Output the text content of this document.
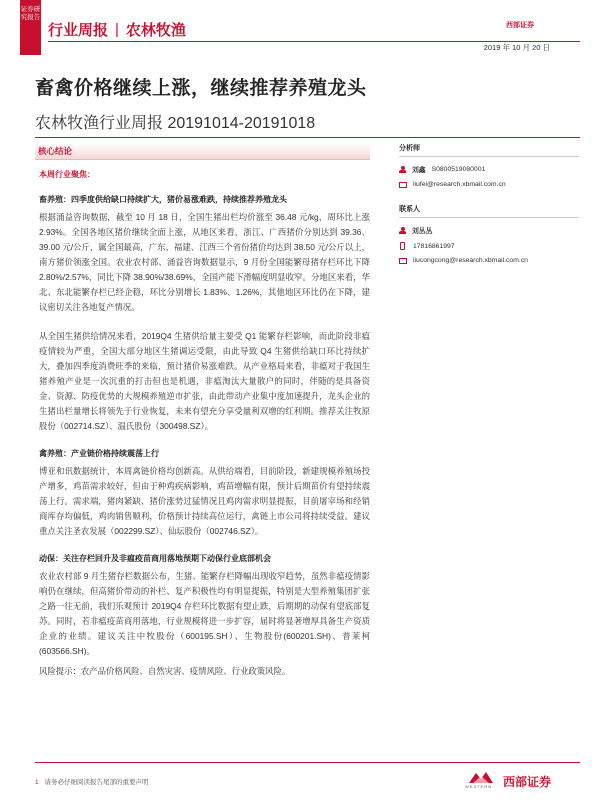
证券研究报告
行业周报 | 农林牧渔	西部证券
2019 年 10 月 20 日
畜禽价格继续上涨，继续推荐养殖龙头
农林牧渔行业周报 20191014-20191018
核心结论
本周行业聚焦：
畜养殖：四季度供给缺口持续扩大，猪价易涨难跌，持续推荐养殖龙头
根据涌益咨询数据，截至 10 月 18 日，全国生猪出栏均价涨至 36.48 元/kg，周环比上涨 2.93%。全国各地区猪价继续全面上涨，从地区来看，浙江、广西猪价分别达到 39.36、39.00 元/公斤，属全国最高，广东、福建、江西三个省份猪价均达到 38.50 元/公斤以上，南方猪价领涨全国。农业农村部、涌益咨询数据显示，9 月份全国能繁母猪存栏环比下降 2.80%/2.57%，同比下降 38.90%/38.69%，全国产能下滑幅度明显收窄。分地区来看，华北、东北能繁存栏已经企稳，环比分别增长 1.83%、1.26%，其他地区环比仍在下降，建议密切关注各地复产情况。
从全国生猪供给情况来看，2019Q4 生猪供给量主要受 Q1 能繁存栏影响，而此阶段非瘟疫情较为严重，全国大部分地区生猪调运受限，由此导致 Q4 生猪供给缺口环比持续扩大，叠加四季度消费旺季的来临，预计猪价易涨难跌。从产业格局来看，非瘟对于我国生猪养殖产业是一次沉重的打击但也是机遇，非瘟淘汰大量散户的同时，伴随的是具备资金、资源、防疫优势的大规模养殖逆市扩张，由此带动产业集中度加速提升，龙头企业的生猪出栏量增长将领先于行业恢复，未来有望充分享受量利双增的红利期。推荐关注牧原股份（002714.SZ）、温氏股份（300498.SZ）。
禽养殖：产业链价格持续震荡上行
博亚和讯数据统计，本周禽链价格均创新高。从供给端看，目前阶段，新建规模养殖场投产增多，鸡苗需求较好，但由于种鸡疾病影响，鸡苗增幅有限，预计后期苗价有望持续震荡上行。需求端，猪肉紧缺、猪价涨势过猛情况且鸡肉需求明显提振，目前屠宰场和经销商库存均偏低，鸡肉销售顺利，价格预计持续高位运行，禽链上市公司将持续受益。建议重点关注圣农发展（002299.SZ）、仙坛股份（002746.SZ）。
动保：关注存栏回升及非瘟疫苗商用落地预期下动保行业底部机会
农业农村部 9 月生猪存栏数据公布，生猪、能繁存栏降幅出现收窄趋势，虽然非瘟疫情影响仍在继续，但高猪价带动的补栏、复产积极性均有明显提振，特别是大型养殖集团扩张之路一往无前，我们乐观预计 2019Q4 存栏环比数据有望止跌，后期期的动保有望底部复苏。同时，若非瘟疫苗商用落地，行业规模将进一步扩容，届时将显著增厚具备生产资质企业的业绩。建议关注中牧股份（600195.SH）、生物股份(600201.SH)、普莱柯(603566.SH)。
风险提示：农产品价格风险、自然灾害、疫情风险、行业政策风险。
分析师
刘鑫 S0800519080001
liufei@research.xbmail.com.cn
联系人
刘丛丛
17816861997
liucongcong@research.xbmail.com.cn
1 请务必仔细阅读报告尾部的重要声明
WESTERN 西部证券
